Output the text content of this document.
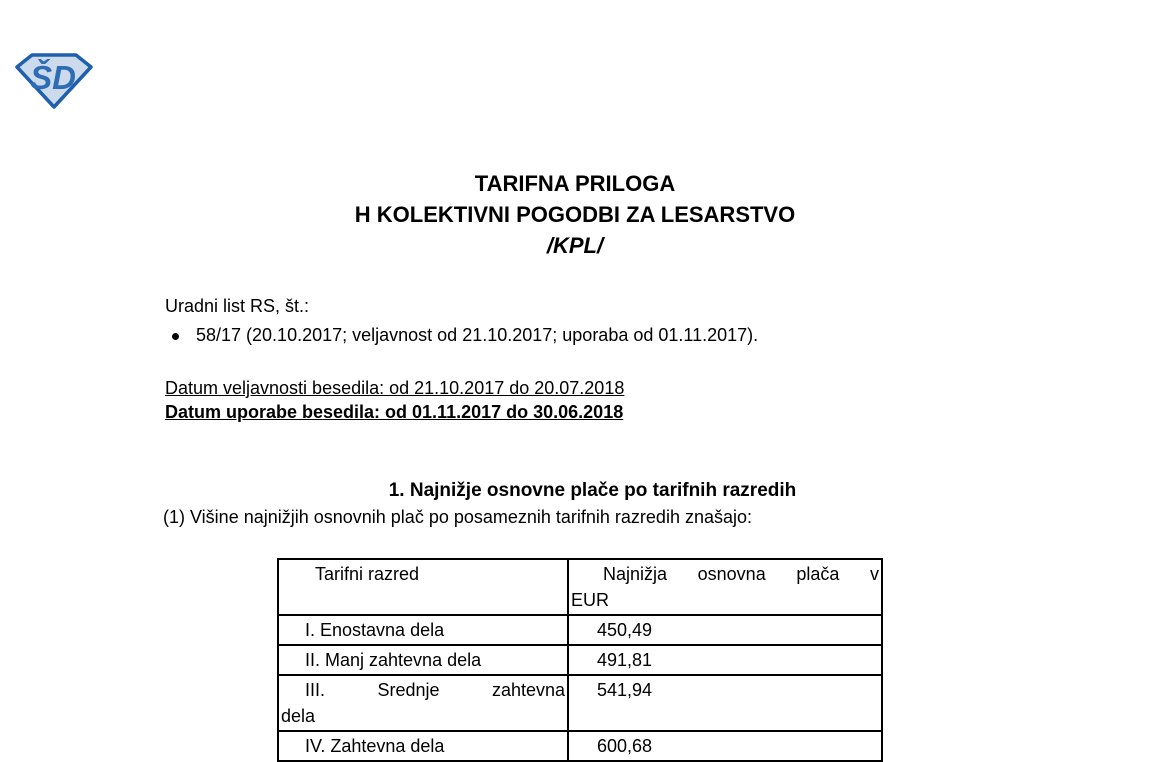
ŠD
TARIFNA PRILOGA
H KOLEKTIVNI POGODBI ZA LESARSTVO
/KPL/
Uradni list RS, št.:
58/17 (20.10.2017; veljavnost od 21.10.2017; uporaba od 01.11.2017).
Datum veljavnosti besedila: od 21.10.2017 do 20.07.2018
Datum uporabe besedila: od 01.11.2017 do 30.06.2018
1. Najnižje osnovne plače po tarifnih razredih
(1) Višine najnižjih osnovnih plač po posameznih tarifnih razredih znašajo:
Tarifni razred	Najnižja osnovna plača v
EUR

I. Enostavna dela	450,49

II. Manj zahtevna dela	491,81

III. Srednje zahtevna
dela	541,94

IV. Zahtevna dela	600,68
